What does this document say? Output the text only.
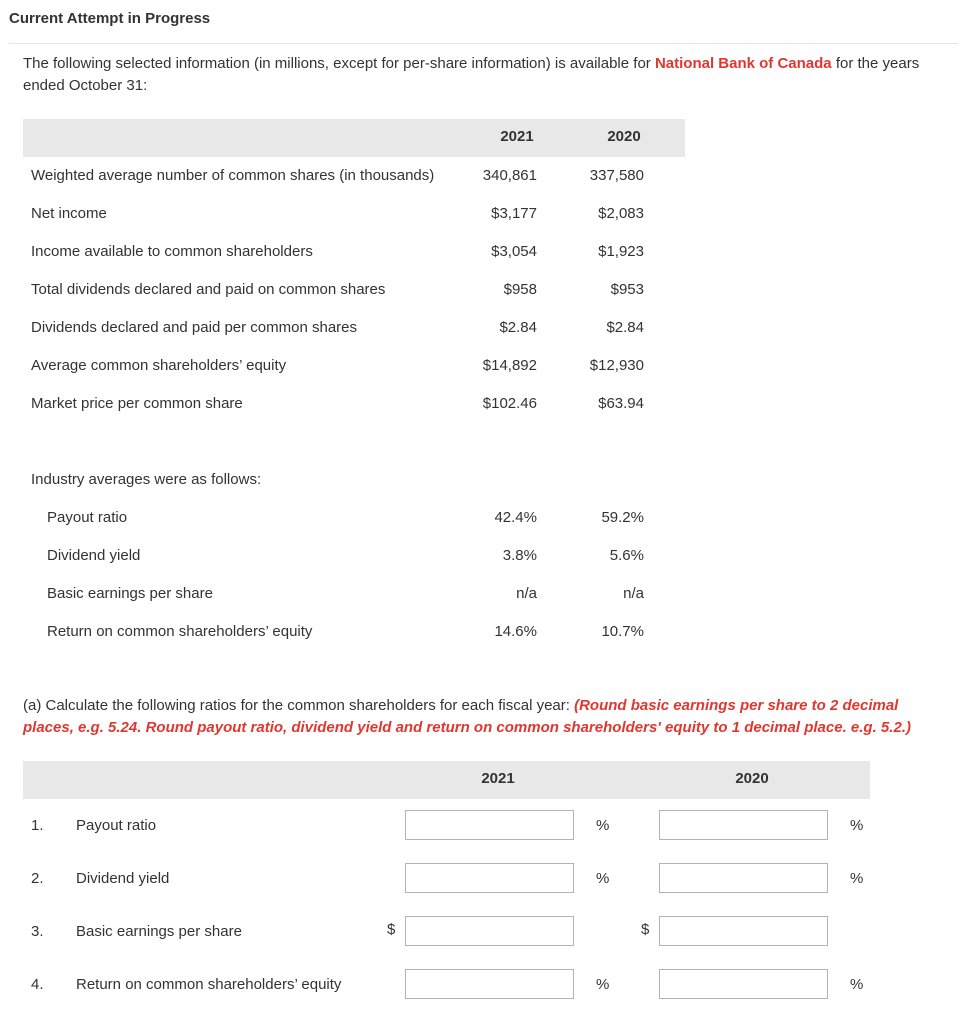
Current Attempt in Progress
The following selected information (in millions, except for per-share information) is available for National Bank of Canada for the years ended October 31:
2021	2020
Weighted average number of common shares (in thousands)	340,861	337,580
Net income	$3,177	$2,083
Income available to common shareholders	$3,054	$1,923
Total dividends declared and paid on common shares	$958	$953
Dividends declared and paid per common shares	$2.84	$2.84
Average common shareholders’ equity	$14,892	$12,930
Market price per common share	$102.46	$63.94
Industry averages were as follows:
Payout ratio	42.4%	59.2%
Dividend yield	3.8%	5.6%
Basic earnings per share	n/a	n/a
Return on common shareholders’ equity	14.6%	10.7%
(a) Calculate the following ratios for the common shareholders for each fiscal year: (Round basic earnings per share to 2 decimal places, e.g. 5.24. Round payout ratio, dividend yield and return on common shareholders' equity to 1 decimal place. e.g. 5.2.)
2021	2020
1. Payout ratio	%	%
2. Dividend yield	%	%
3. Basic earnings per share	$	$
4. Return on common shareholders’ equity	%	%
